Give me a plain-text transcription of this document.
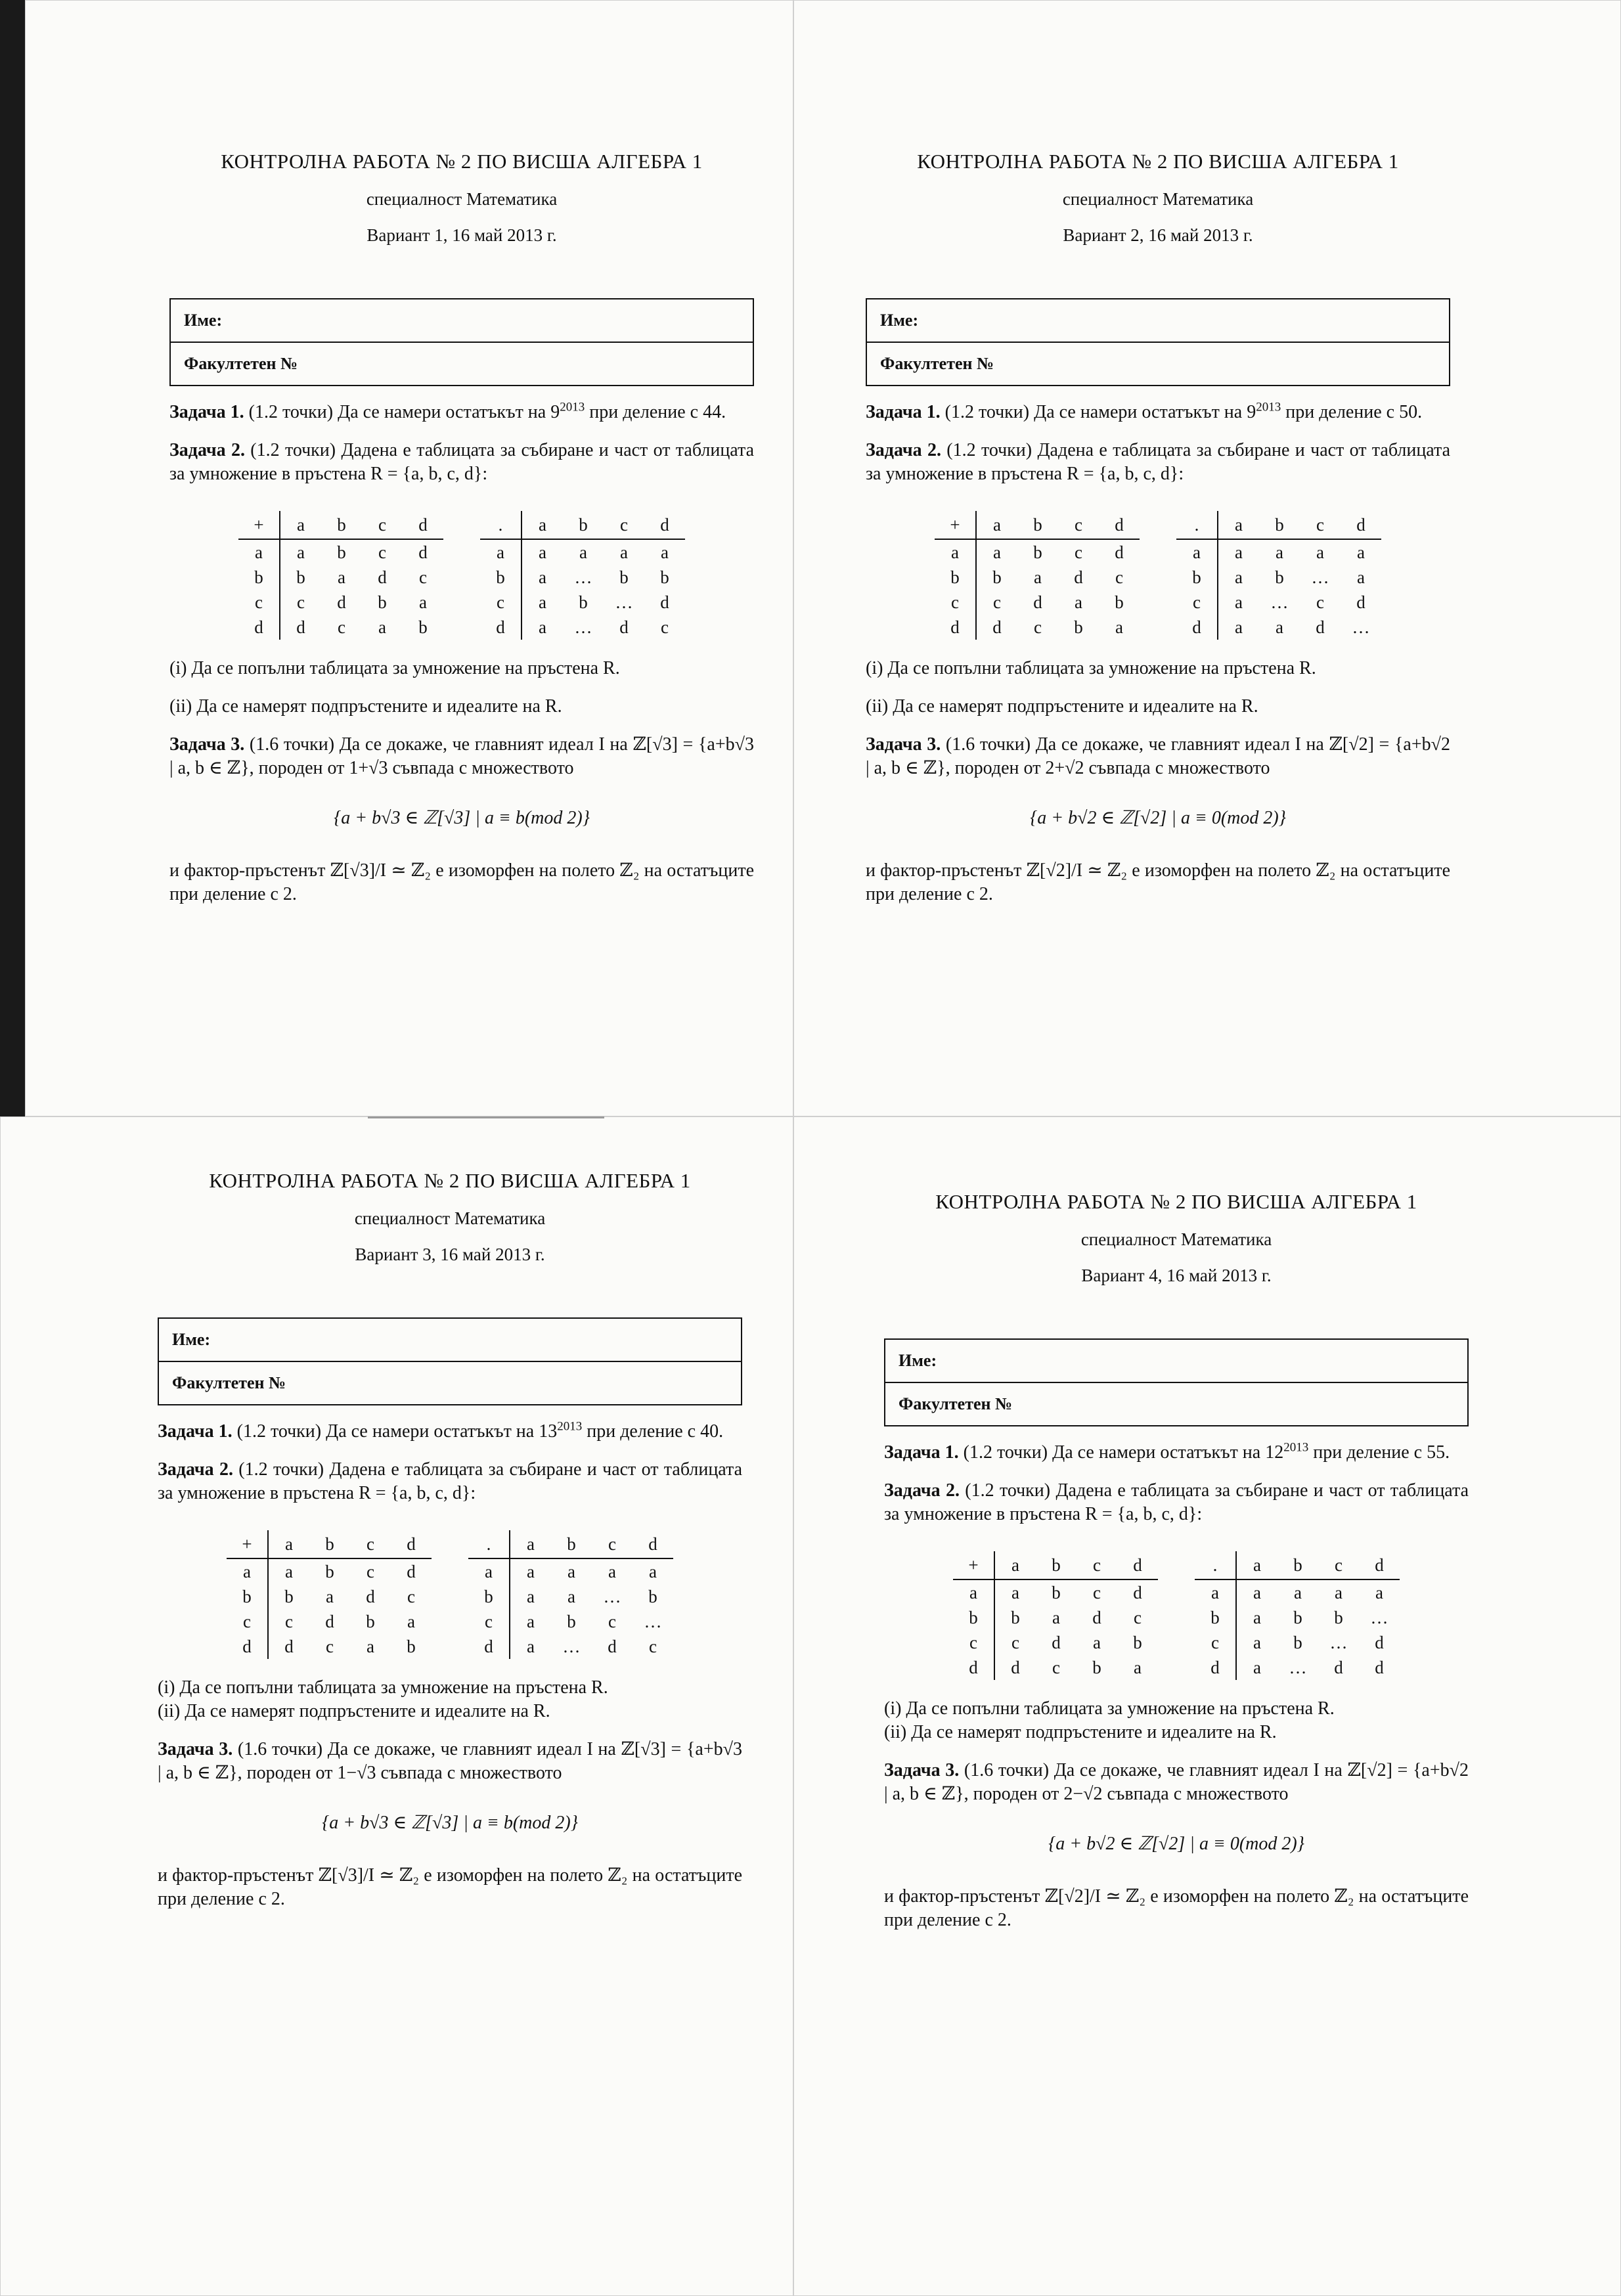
КОНТРОЛНА РАБОТА № 2 ПО ВИСША АЛГЕБРА 1
специалност Математика
Вариант 1, 16 май 2013 г.
Име:
Факултетен №
Задача 1. (1.2 точки) Да се намери остатъкът на $9^{2013}$ при деление с 44.
Задача 2. (1.2 точки) Дадена е таблицата за събиране и част от таблицата за умножение в пръстена R = {a, b, c, d}:
+	a	b	c	d
a	a	b	c	d
b	b	a	d	c
c	c	d	b	a
d	d	c	a	b
.	a	b	c	d
a	a	a	a	a
b	a	…	b	b
c	a	b	…	d
d	a	…	d	c
(i) Да се попълни таблицата за умножение на пръстена R.
(ii) Да се намерят подпръстените и идеалите на R.
Задача 3. (1.6 точки) Да се докаже, че главният идеал I на ℤ[√3] = {a+b√3 | a, b ∈ ℤ}, породен от 1+√3 съвпада с множеството
{a + b√3 ∈ ℤ[√3] | a ≡ b(mod 2)}
и фактор-пръстенът ℤ[√3]/I ≃ ℤ₂ е изоморфен на полето ℤ₂ на остатъците при деление с 2.
КОНТРОЛНА РАБОТА № 2 ПО ВИСША АЛГЕБРА 1
специалност Математика
Вариант 2, 16 май 2013 г.
Име:
Факултетен №
Задача 1. (1.2 точки) Да се намери остатъкът на $9^{2013}$ при деление с 50.
Задача 2. (1.2 точки) Дадена е таблицата за събиране и част от таблицата за умножение в пръстена R = {a, b, c, d}:
+	a	b	c	d
a	a	b	c	d
b	b	a	d	c
c	c	d	a	b
d	d	c	b	a
.	a	b	c	d
a	a	a	a	a
b	a	b	…	a
c	a	…	c	d
d	a	a	d	…
(i) Да се попълни таблицата за умножение на пръстена R.
(ii) Да се намерят подпръстените и идеалите на R.
Задача 3. (1.6 точки) Да се докаже, че главният идеал I на ℤ[√2] = {a+b√2 | a, b ∈ ℤ}, породен от 2+√2 съвпада с множеството
{a + b√2 ∈ ℤ[√2] | a ≡ 0(mod 2)}
и фактор-пръстенът ℤ[√2]/I ≃ ℤ₂ е изоморфен на полето ℤ₂ на остатъците при деление с 2.
КОНТРОЛНА РАБОТА № 2 ПО ВИСША АЛГЕБРА 1
специалност Математика
Вариант 3, 16 май 2013 г.
Име:
Факултетен №
Задача 1. (1.2 точки) Да се намери остатъкът на $13^{2013}$ при деление с 40.
Задача 2. (1.2 точки) Дадена е таблицата за събиране и част от таблицата за умножение в пръстена R = {a, b, c, d}:
+	a	b	c	d
a	a	b	c	d
b	b	a	d	c
c	c	d	b	a
d	d	c	a	b
.	a	b	c	d
a	a	a	a	a
b	a	a	…	b
c	a	b	c	…
d	a	…	d	c
(i) Да се попълни таблицата за умножение на пръстена R.
(ii) Да се намерят подпръстените и идеалите на R.
Задача 3. (1.6 точки) Да се докаже, че главният идеал I на ℤ[√3] = {a+b√3 | a, b ∈ ℤ}, породен от 1−√3 съвпада с множеството
{a + b√3 ∈ ℤ[√3] | a ≡ b(mod 2)}
и фактор-пръстенът ℤ[√3]/I ≃ ℤ₂ е изоморфен на полето ℤ₂ на остатъците при деление с 2.
КОНТРОЛНА РАБОТА № 2 ПО ВИСША АЛГЕБРА 1
специалност Математика
Вариант 4, 16 май 2013 г.
Име:
Факултетен №
Задача 1. (1.2 точки) Да се намери остатъкът на $12^{2013}$ при деление с 55.
Задача 2. (1.2 точки) Дадена е таблицата за събиране и част от таблицата за умножение в пръстена R = {a, b, c, d}:
+	a	b	c	d
a	a	b	c	d
b	b	a	d	c
c	c	d	a	b
d	d	c	b	a
.	a	b	c	d
a	a	a	a	a
b	a	b	b	…
c	a	b	…	d
d	a	…	d	d
(i) Да се попълни таблицата за умножение на пръстена R.
(ii) Да се намерят подпръстените и идеалите на R.
Задача 3. (1.6 точки) Да се докаже, че главният идеал I на ℤ[√2] = {a+b√2 | a, b ∈ ℤ}, породен от 2−√2 съвпада с множеството
{a + b√2 ∈ ℤ[√2] | a ≡ 0(mod 2)}
и фактор-пръстенът ℤ[√2]/I ≃ ℤ₂ е изоморфен на полето ℤ₂ на остатъците при деление с 2.
